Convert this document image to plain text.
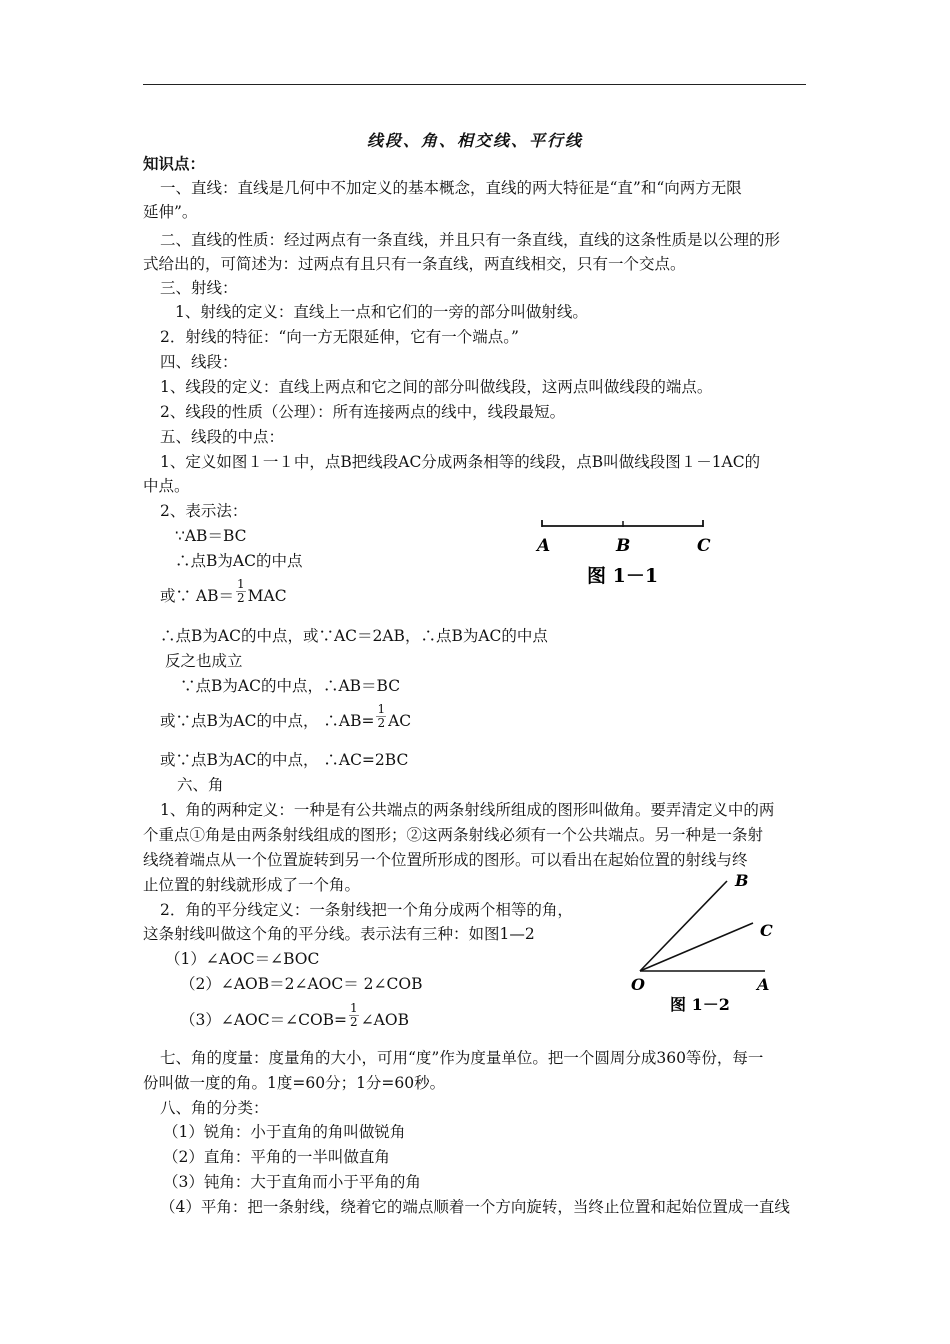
线段、角、相交线、平行线
知识点：
一、直线：直线是几何中不加定义的基本概念，直线的两大特征是“直”和“向两方无限
延伸”。
二、直线的性质：经过两点有一条直线，并且只有一条直线，直线的这条性质是以公理的形
式给出的，可简述为：过两点有且只有一条直线，两直线相交，只有一个交点。
三、射线：
1、射线的定义：直线上一点和它们的一旁的部分叫做射线。
2．射线的特征：“向一方无限延伸，它有一个端点。”
四、线段：
1、线段的定义：直线上两点和它之间的部分叫做线段，这两点叫做线段的端点。
2、线段的性质（公理）：所有连接两点的线中，线段最短。
五、线段的中点：
1、定义如图１一１中，点B把线段AC分成两条相等的线段，点B叫做线段图１－1AC的
中点。
2、表示法：
∵AB＝BC
∴点B为AC的中点
或∵ $AB= \frac{1}{2}$ MAC
∴点B为AC的中点，或∵AC＝2AB，∴点B为AC的中点
反之也成立
∵点B为AC的中点，∴AB＝BC
或∵点B为AC的中点， ∴AB= $\frac{1}{2}$ AC
或∵点B为AC的中点， ∴AC=2BC
六、角
1、角的两种定义：一种是有公共端点的两条射线所组成的图形叫做角。要弄清定义中的两
个重点①角是由两条射线组成的图形；②这两条射线必须有一个公共端点。另一种是一条射
线绕着端点从一个位置旋转到另一个位置所形成的图形。可以看出在起始位置的射线与终
止位置的射线就形成了一个角。
2．角的平分线定义：一条射线把一个角分成两个相等的角，
这条射线叫做这个角的平分线。表示法有三种：如图1—2
（1）∠AOC＝∠BOC
（2）∠AOB＝2∠AOC＝ 2∠COB
（3）∠AOC＝∠COB= $\frac{1}{2}$ ∠AOB
七、角的度量：度量角的大小，可用“度”作为度量单位。把一个圆周分成360等份，每一
份叫做一度的角。1度=60分；1分=60秒。
八、角的分类：
（1）锐角：小于直角的角叫做锐角
（2）直角：平角的一半叫做直角
（3）钝角：大于直角而小于平角的角
（4）平角：把一条射线，绕着它的端点顺着一个方向旋转，当终止位置和起始位置成一直线
A	B	C
图 1－1
B
C
O	A
图 1－2
